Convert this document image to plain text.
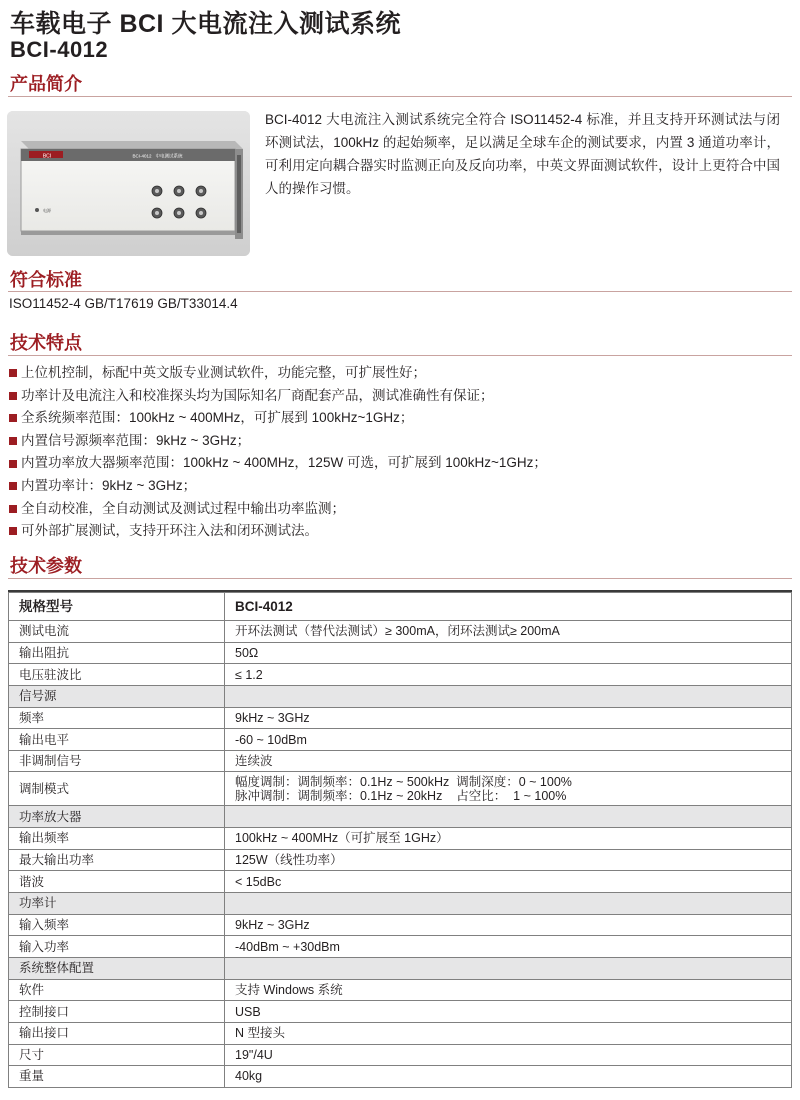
车载电子 BCI 大电流注入测试系统
BCI-4012
产品简介
BCI	BCI-4012 中电测试系统
电源

BCI-4012 大电流注入测试系统完全符合 ISO11452-4 标准，并且支持开环测试法与闭环测试法，100kHz 的起始频率，足以满足全球车企的测试要求，内置 3 通道功率计，可利用定向耦合器实时监测正向及反向功率，中英文界面测试软件，设计上更符合中国人的操作习惯。

符合标准
ISO11452-4 GB/T17619 GB/T33014.4
技术特点
上位机控制，标配中英文版专业测试软件，功能完整，可扩展性好；
功率计及电流注入和校准探头均为国际知名厂商配套产品，测试准确性有保证；
全系统频率范围：100kHz ~ 400MHz，可扩展到 100kHz~1GHz；
内置信号源频率范围：9kHz ~ 3GHz；
内置功率放大器频率范围：100kHz ~ 400MHz，125W 可选，可扩展到 100kHz~1GHz；
内置功率计：9kHz ~ 3GHz；
全自动校准，全自动测试及测试过程中输出功率监测；
可外部扩展测试，支持开环注入法和闭环测试法。
技术参数
规格型号	BCI-4012
测试电流	开环法测试（替代法测试）≥ 300mA，闭环法测试≥ 200mA
输出阻抗	50Ω
电压驻波比	≤ 1.2
信号源	
频率	9kHz ~ 3GHz
输出电平	-60 ~ 10dBm
非调制信号	连续波
调制模式	幅度调制：调制频率：0.1Hz ~ 500kHz  调制深度：0 ~ 100%
脉冲调制：调制频率：0.1Hz ~ 20kHz    占空比：  1 ~ 100%

功率放大器	
输出频率	100kHz ~ 400MHz（可扩展至 1GHz）
最大输出功率	125W（线性功率）
谐波	< 15dBc
功率计	
输入频率	9kHz ~ 3GHz
输入功率	-40dBm ~ +30dBm
系统整体配置	
软件	支持 Windows 系统
控制接口	USB
输出接口	N 型接头
尺寸	19"/4U
重量	40kg
